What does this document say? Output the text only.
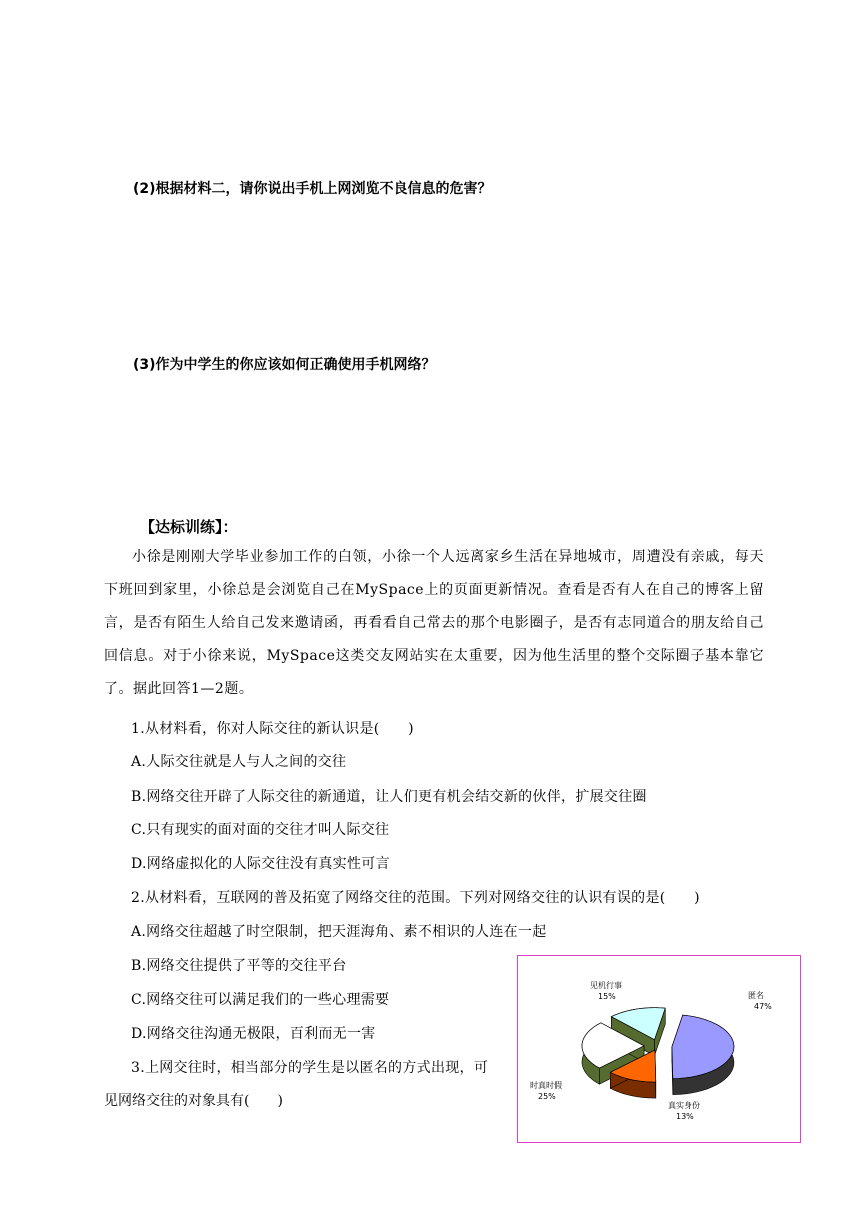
(2)根据材料二，请你说出手机上网浏览不良信息的危害？
(3)作为中学生的你应该如何正确使用手机网络？
【达标训练】：
小徐是刚刚大学毕业参加工作的白领，小徐一个人远离家乡生活在异地城市，周遭没有亲戚，每天下班回到家里，小徐总是会浏览自己在MySpace上的页面更新情况。查看是否有人在自己的博客上留言，是否有陌生人给自己发来邀请函，再看看自己常去的那个电影圈子，是否有志同道合的朋友给自己回信息。对于小徐来说，MySpace这类交友网站实在太重要，因为他生活里的整个交际圈子基本靠它了。据此回答1—2题。
1.从材料看，你对人际交往的新认识是(　　)
A.人际交往就是人与人之间的交往
B.网络交往开辟了人际交往的新通道，让人们更有机会结交新的伙伴，扩展交往圈
C.只有现实的面对面的交往才叫人际交往
D.网络虚拟化的人际交往没有真实性可言
2.从材料看，互联网的普及拓宽了网络交往的范围。下列对网络交往的认识有误的是(　　)
A.网络交往超越了时空限制，把天涯海角、素不相识的人连在一起
B.网络交往提供了平等的交往平台
C.网络交往可以满足我们的一些心理需要
D.网络交往沟通无极限，百利而无一害
3.上网交往时，相当部分的学生是以匿名的方式出现，可
见网络交往的对象具有(　　)
匿名
47%
真实身份
13%
时真时假
25%
见机行事
15%
